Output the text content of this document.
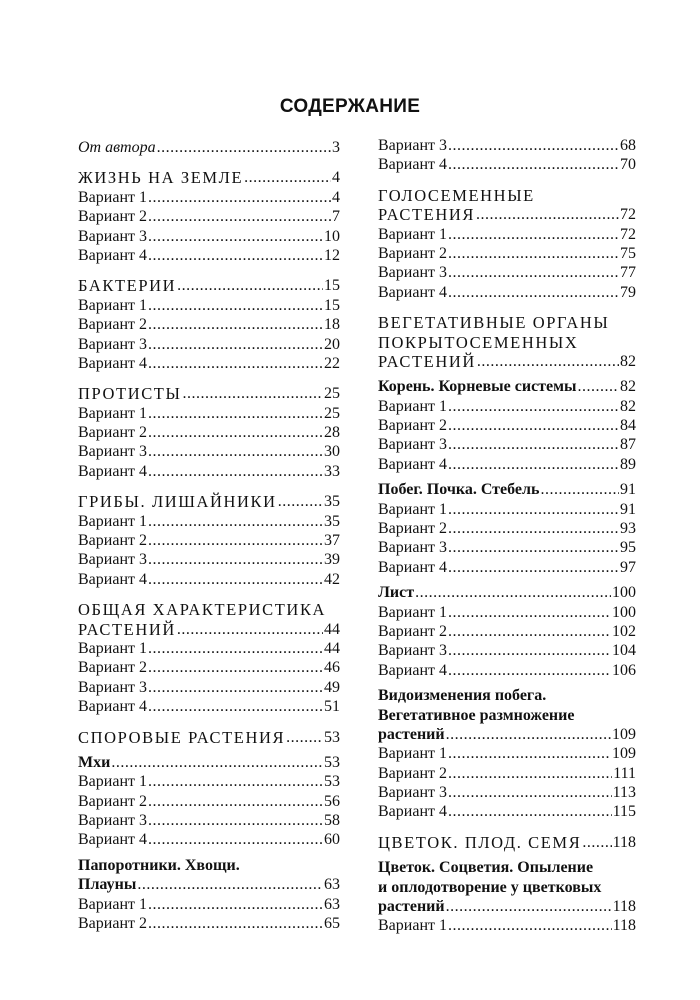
СОДЕРЖАНИЕ
От автора .....	3
ЖИЗНЬ НА ЗЕМЛЕ .....	4
Вариант 1 .....	4
Вариант 2 .....	7
Вариант 3 .....	10
Вариант 4 .....	12
БАКТЕРИИ .....	15
Вариант 1 .....	15
Вариант 2 .....	18
Вариант 3 .....	20
Вариант 4 .....	22
ПРОТИСТЫ .....	25
Вариант 1 .....	25
Вариант 2 .....	28
Вариант 3 .....	30
Вариант 4 .....	33
ГРИБЫ. ЛИШАЙНИКИ .....	35
Вариант 1 .....	35
Вариант 2 .....	37
Вариант 3 .....	39
Вариант 4 .....	42
ОБЩАЯ ХАРАКТЕРИСТИКА
РАСТЕНИЙ .....	44
Вариант 1 .....	44
Вариант 2 .....	46
Вариант 3 .....	49
Вариант 4 .....	51
СПОРОВЫЕ РАСТЕНИЯ ..... 53
Мхи .....	53
Вариант 1 .....	53
Вариант 2 .....	56
Вариант 3 .....	58
Вариант 4 .....	60
Папоротники. Хвощи.
Плауны .....	63
Вариант 1 .....	63
Вариант 2 .....	65
Вариант 3 .....	68
Вариант 4 .....	70
ГОЛОСЕМЕННЫЕ
РАСТЕНИЯ .....	72
Вариант 1 .....	72
Вариант 2 .....	75
Вариант 3 .....	77
Вариант 4 .....	79
ВЕГЕТАТИВНЫЕ ОРГАНЫ
ПОКРЫТОСЕМЕННЫХ
РАСТЕНИЙ .....	82
Корень. Корневые системы .....	82
Вариант 1 .....	82
Вариант 2 .....	84
Вариант 3 .....	87
Вариант 4 .....	89
Побег. Почка. Стебель .....	91
Вариант 1 .....	91
Вариант 2 .....	93
Вариант 3 .....	95
Вариант 4 .....	97
Лист .....	100
Вариант 1 .....	100
Вариант 2 .....	102
Вариант 3 .....	104
Вариант 4 .....	106
Видоизменения побега.
Вегетативное размножение
растений .....	109
Вариант 1 .....	109
Вариант 2 .....	111
Вариант 3 .....	113
Вариант 4 .....	115
ЦВЕТОК. ПЛОД. СЕМЯ ..... 118
Цветок. Соцветия. Опыление
и оплодотворение у цветковых
растений .....	118
Вариант 1 .....	118
